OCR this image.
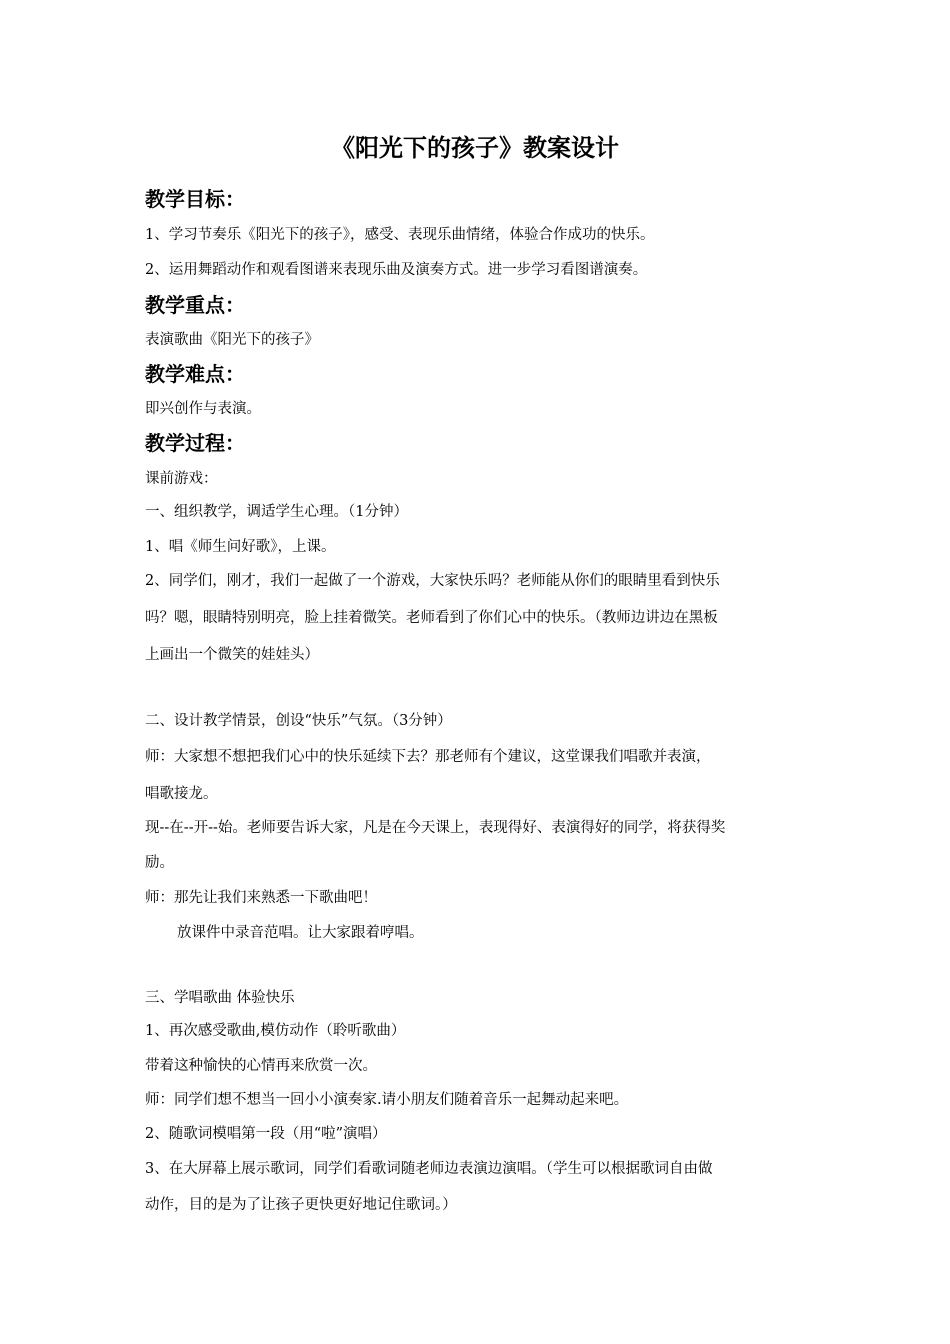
《阳光下的孩子》教案设计
教学目标：
1、学习节奏乐《阳光下的孩子》，感受、表现乐曲情绪，体验合作成功的快乐。
2、运用舞蹈动作和观看图谱来表现乐曲及演奏方式。进一步学习看图谱演奏。
教学重点：
表演歌曲《阳光下的孩子》
教学难点：
即兴创作与表演。
教学过程：
课前游戏：
一、组织教学，调适学生心理。（1分钟）
1、唱《师生问好歌》，上课。
2、同学们，刚才，我们一起做了一个游戏，大家快乐吗？老师能从你们的眼睛里看到快乐
吗？嗯，眼睛特别明亮，脸上挂着微笑。老师看到了你们心中的快乐。（教师边讲边在黑板
上画出一个微笑的娃娃头）
二、设计教学情景，创设“快乐”气氛。（3分钟）
师：大家想不想把我们心中的快乐延续下去？那老师有个建议，这堂课我们唱歌并表演，
唱歌接龙。
现--在--开--始。老师要告诉大家，凡是在今天课上，表现得好、表演得好的同学，将获得奖
励。
师：那先让我们来熟悉一下歌曲吧！
放课件中录音范唱。让大家跟着哼唱。
三、学唱歌曲 体验快乐
1、再次感受歌曲,模仿动作（聆听歌曲）
带着这种愉快的心情再来欣赏一次。
师：同学们想不想当一回小小演奏家.请小朋友们随着音乐一起舞动起来吧。
2、随歌词模唱第一段（用“啦”演唱）
3、在大屏幕上展示歌词，同学们看歌词随老师边表演边演唱。（学生可以根据歌词自由做
动作，目的是为了让孩子更快更好地记住歌词。）
